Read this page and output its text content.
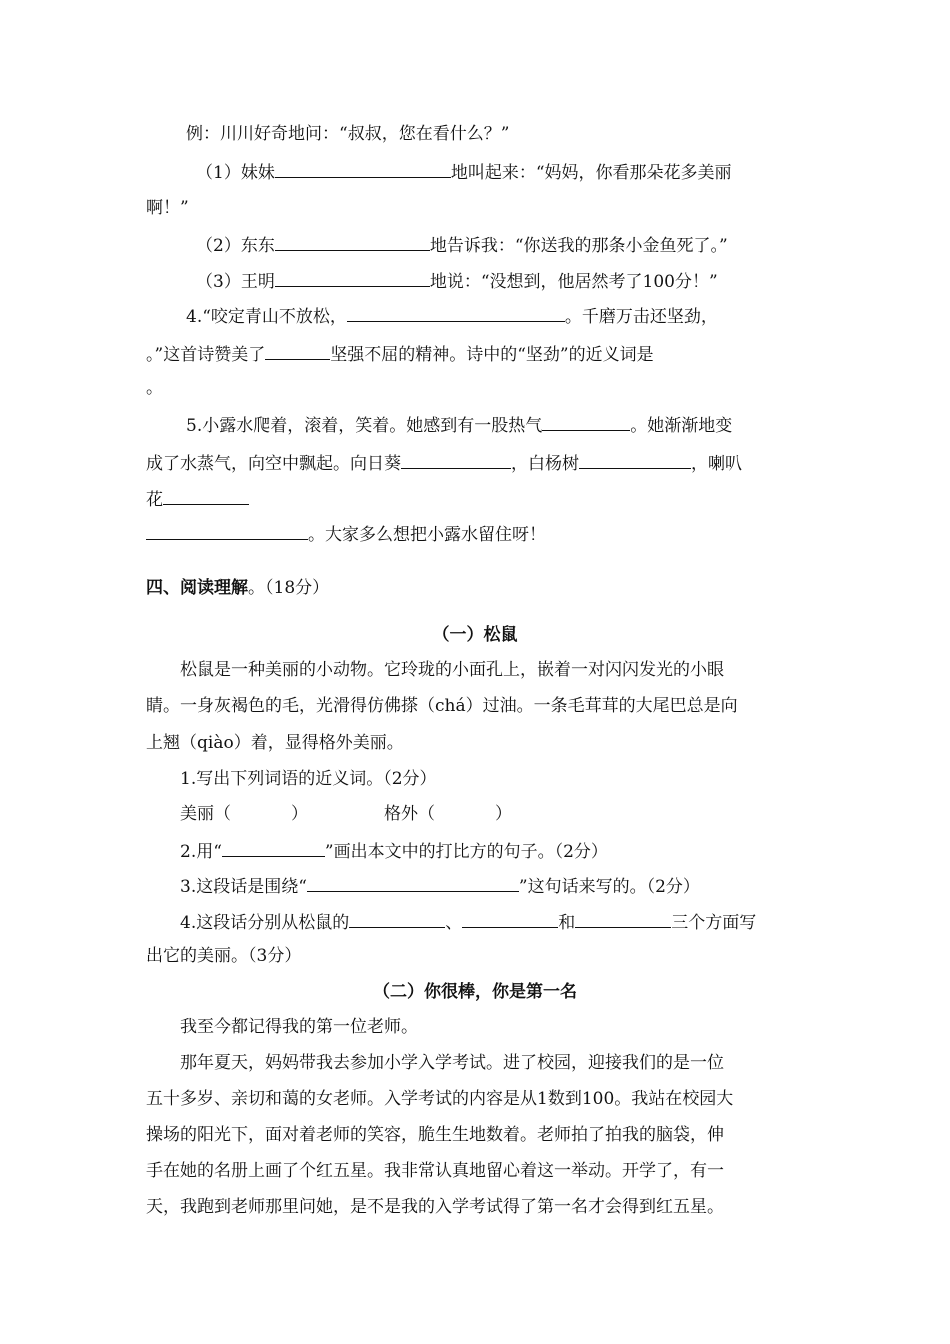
例：川川好奇地问：“叔叔，您在看什么？”
（1）妹妹	地叫起来：“妈妈，你看那朵花多美丽
啊！”
（2）东东	地告诉我：“你送我的那条小金鱼死了。”
（3）王明	地说：“没想到，他居然考了100分！”
4.“咬定青山不放松，	。千磨万击还坚劲，
。”这首诗赞美了	坚强不屈的精神。诗中的“坚劲”的近义词是
。
5.小露水爬着，滚着，笑着。她感到有一股热气	。她渐渐地变
成了水蒸气，向空中飘起。向日葵	，白杨树	，喇叭
花
。大家多么想把小露水留住呀！
四、阅读理解。（18分）
（一）松鼠
松鼠是一种美丽的小动物。它玲珑的小面孔上，嵌着一对闪闪发光的小眼
睛。一身灰褐色的毛，光滑得仿佛搽（chá）过油。一条毛茸茸的大尾巴总是向
上翘（qiào）着，显得格外美丽。
1.写出下列词语的近义词。（2分）
美丽（	）	格外（	）
2.用“	”画出本文中的打比方的句子。（2分）
3.这段话是围绕“	”这句话来写的。（2分）
4.这段话分别从松鼠的	、	和	三个方面写
出它的美丽。（3分）
（二）你很棒，你是第一名
我至今都记得我的第一位老师。
那年夏天，妈妈带我去参加小学入学考试。进了校园，迎接我们的是一位
五十多岁、亲切和蔼的女老师。入学考试的内容是从1数到100。我站在校园大
操场的阳光下，面对着老师的笑容，脆生生地数着。老师拍了拍我的脑袋，伸
手在她的名册上画了个红五星。我非常认真地留心着这一举动。开学了，有一
天，我跑到老师那里问她，是不是我的入学考试得了第一名才会得到红五星。
